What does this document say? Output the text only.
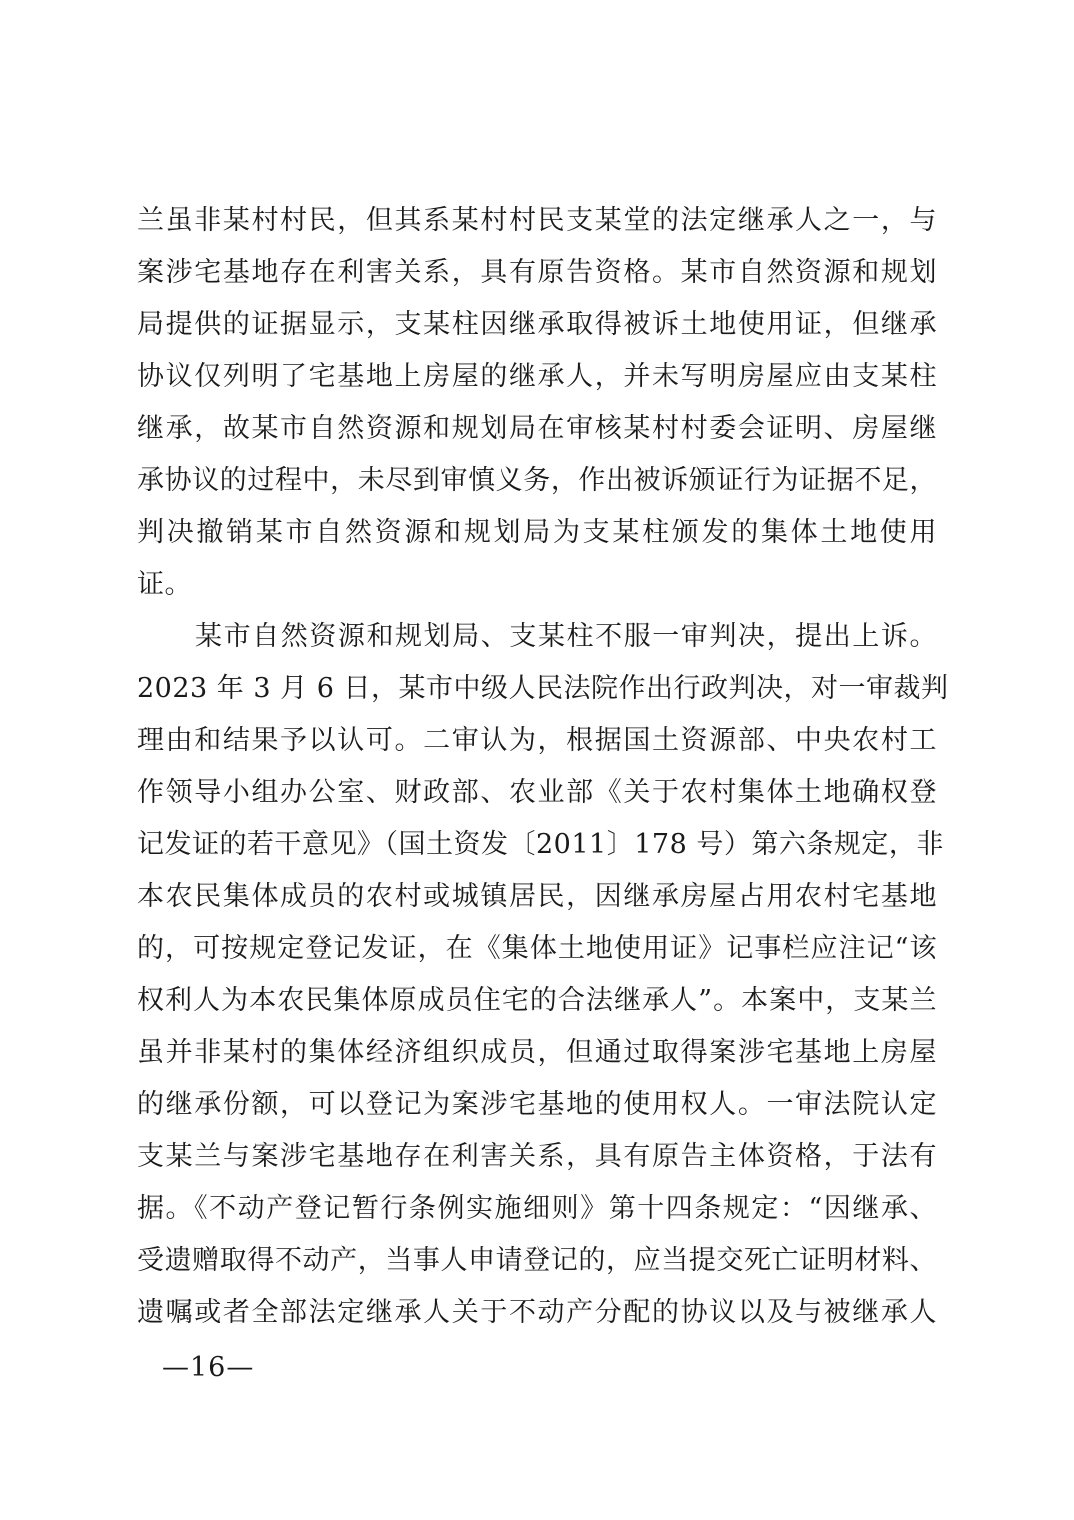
兰虽非某村村民，但其系某村村民支某堂的法定继承人之一，与
案涉宅基地存在利害关系，具有原告资格。某市自然资源和规划
局提供的证据显示，支某柱因继承取得被诉土地使用证，但继承
协议仅列明了宅基地上房屋的继承人，并未写明房屋应由支某柱
继承，故某市自然资源和规划局在审核某村村委会证明、房屋继
承协议的过程中，未尽到审慎义务，作出被诉颁证行为证据不足，
判决撤销某市自然资源和规划局为支某柱颁发的集体土地使用
证。
某市自然资源和规划局、支某柱不服一审判决，提出上诉。
2023 年 3 月 6 日，某市中级人民法院作出行政判决，对一审裁判
理由和结果予以认可。二审认为，根据国土资源部、中央农村工
作领导小组办公室、财政部、农业部《关于农村集体土地确权登
记发证的若干意见》（国土资发〔2011〕178 号）第六条规定，非
本农民集体成员的农村或城镇居民，因继承房屋占用农村宅基地
的，可按规定登记发证，在《集体土地使用证》记事栏应注记“该
权利人为本农民集体原成员住宅的合法继承人”。本案中，支某兰
虽并非某村的集体经济组织成员，但通过取得案涉宅基地上房屋
的继承份额，可以登记为案涉宅基地的使用权人。一审法院认定
支某兰与案涉宅基地存在利害关系，具有原告主体资格，于法有
据。《不动产登记暂行条例实施细则》第十四条规定：“因继承、
受遗赠取得不动产，当事人申请登记的，应当提交死亡证明材料、
遗嘱或者全部法定继承人关于不动产分配的协议以及与被继承人
—16—
